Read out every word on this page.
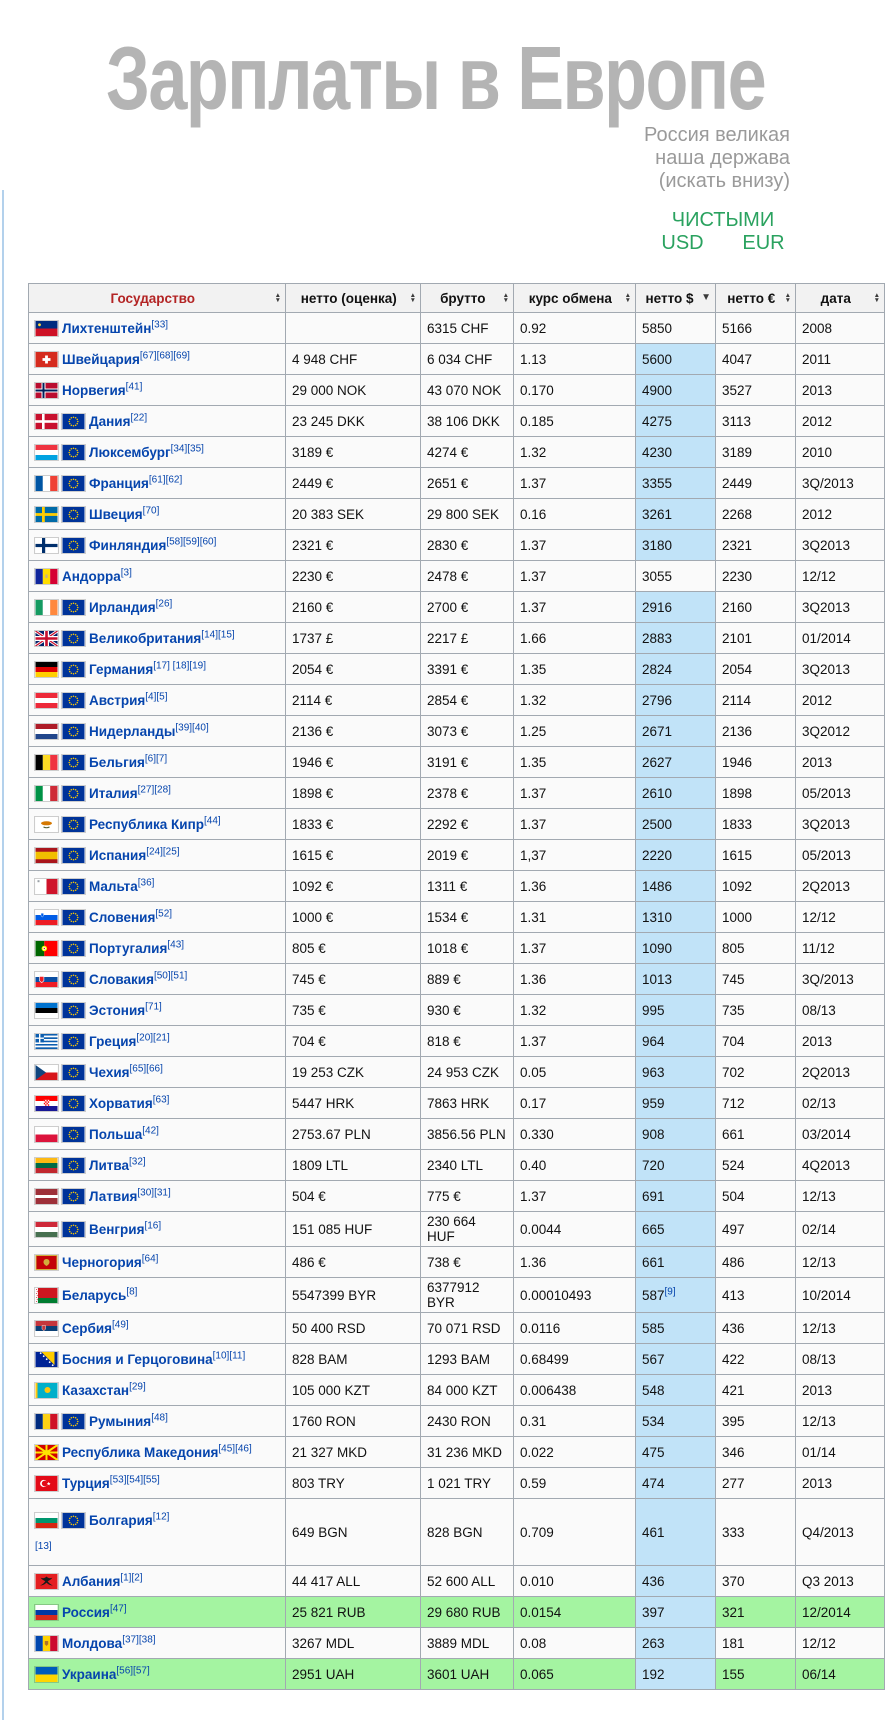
Зарплаты в Европе
Россия великая
наша держава
(искать внизу)
ЧИСТЫМИ
USD	EUR
Государство ▲
▼	нетто (оценка) ▲
▼	брутто ▲
▼	курс обмена ▲
▼	нетто $ ▼	нетто € ▲
▼	дата ▲
▼

Лихтенштейн[33]		6315 CHF	0.92	5850	5166	2008

Швейцария[67][68][69]	4 948 CHF	6 034 CHF	1.13	5600	4047	2011

Норвегия[41]	29 000 NOK	43 070 NOK	0.170	4900	3527	2013

Дания[22]	23 245 DKK	38 106 DKK	0.185	4275	3113	2012

Люксембург[34][35]	3189 €	4274 €	1.32	4230	3189	2010

Франция[61][62]	2449 €	2651 €	1.37	3355	2449	3Q/2013

Швеция[70]	20 383 SEK	29 800 SEK	0.16	3261	2268	2012

Финляндия[58][59][60]	2321 €	2830 €	1.37	3180	2321	3Q2013

Андорра[3]	2230 €	2478 €	1.37	3055	2230	12/12

Ирландия[26]	2160 €	2700 €	1.37	2916	2160	3Q2013

Великобритания[14][15]	1737 £	2217 £	1.66	2883	2101	01/2014

Германия[17] [18][19]	2054 €	3391 €	1.35	2824	2054	3Q2013

Австрия[4][5]	2114 €	2854 €	1.32	2796	2114	2012

Нидерланды[39][40]	2136 €	3073 €	1.25	2671	2136	3Q2012

Бельгия[6][7]	1946 €	3191 €	1.35	2627	1946	2013

Италия[27][28]	1898 €	2378 €	1.37	2610	1898	05/2013

Республика Кипр[44]	1833 €	2292 €	1.37	2500	1833	3Q2013

Испания[24][25]	1615 €	2019 €	1,37	2220	1615	05/2013

Мальта[36]	1092 €	1311 €	1.36	1486	1092	2Q2013

Словения[52]	1000 €	1534 €	1.31	1310	1000	12/12

Португалия[43]	805 €	1018 €	1.37	1090	805	11/12

Словакия[50][51]	745 €	889 €	1.36	1013	745	3Q/2013

Эстония[71]	735 €	930 €	1.32	995	735	08/13

Греция[20][21]	704 €	818 €	1.37	964	704	2013

Чехия[65][66]	19 253 CZK	24 953 CZK	0.05	963	702	2Q2013

Хорватия[63]	5447 HRK	7863 HRK	0.17	959	712	02/13

Польша[42]	2753.67 PLN	3856.56 PLN	0.330	908	661	03/2014

Литва[32]	1809 LTL	2340 LTL	0.40	720	524	4Q2013

Латвия[30][31]	504 €	775 €	1.37	691	504	12/13

Венгрия[16]	151 085 HUF	230 664 HUF	0.0044	665	497	02/14

Черногория[64]	486 €	738 €	1.36	661	486	12/13

Беларусь[8]	5547399 BYR	6377912 BYR	0.00010493	587[9]	413	10/2014

Сербия[49]	50 400 RSD	70 071 RSD	0.0116	585	436	12/13

Босния и Герцоговина[10][11]	828 BAM	1293 BAM	0.68499	567	422	08/13

Казахстан[29]	105 000 KZT	84 000 KZT	0.006438	548	421	2013

Румыния[48]	1760 RON	2430 RON	0.31	534	395	12/13

Республика Македония[45][46]	21 327 MKD	31 236 MKD	0.022	475	346	01/14

Турция[53][54][55]	803 TRY	1 021 TRY	0.59	474	277	2013

Болгария[12]
[13]	649 BGN	828 BGN	0.709	461	333	Q4/2013

Албания[1][2]	44 417 ALL	52 600 ALL	0.010	436	370	Q3 2013

Россия[47]	25 821 RUB	29 680 RUB	0.0154	397	321	12/2014

Молдова[37][38]	3267 MDL	3889 MDL	0.08	263	181	12/12

Украина[56][57]	2951 UAH	3601 UAH	0.065	192	155	06/14
